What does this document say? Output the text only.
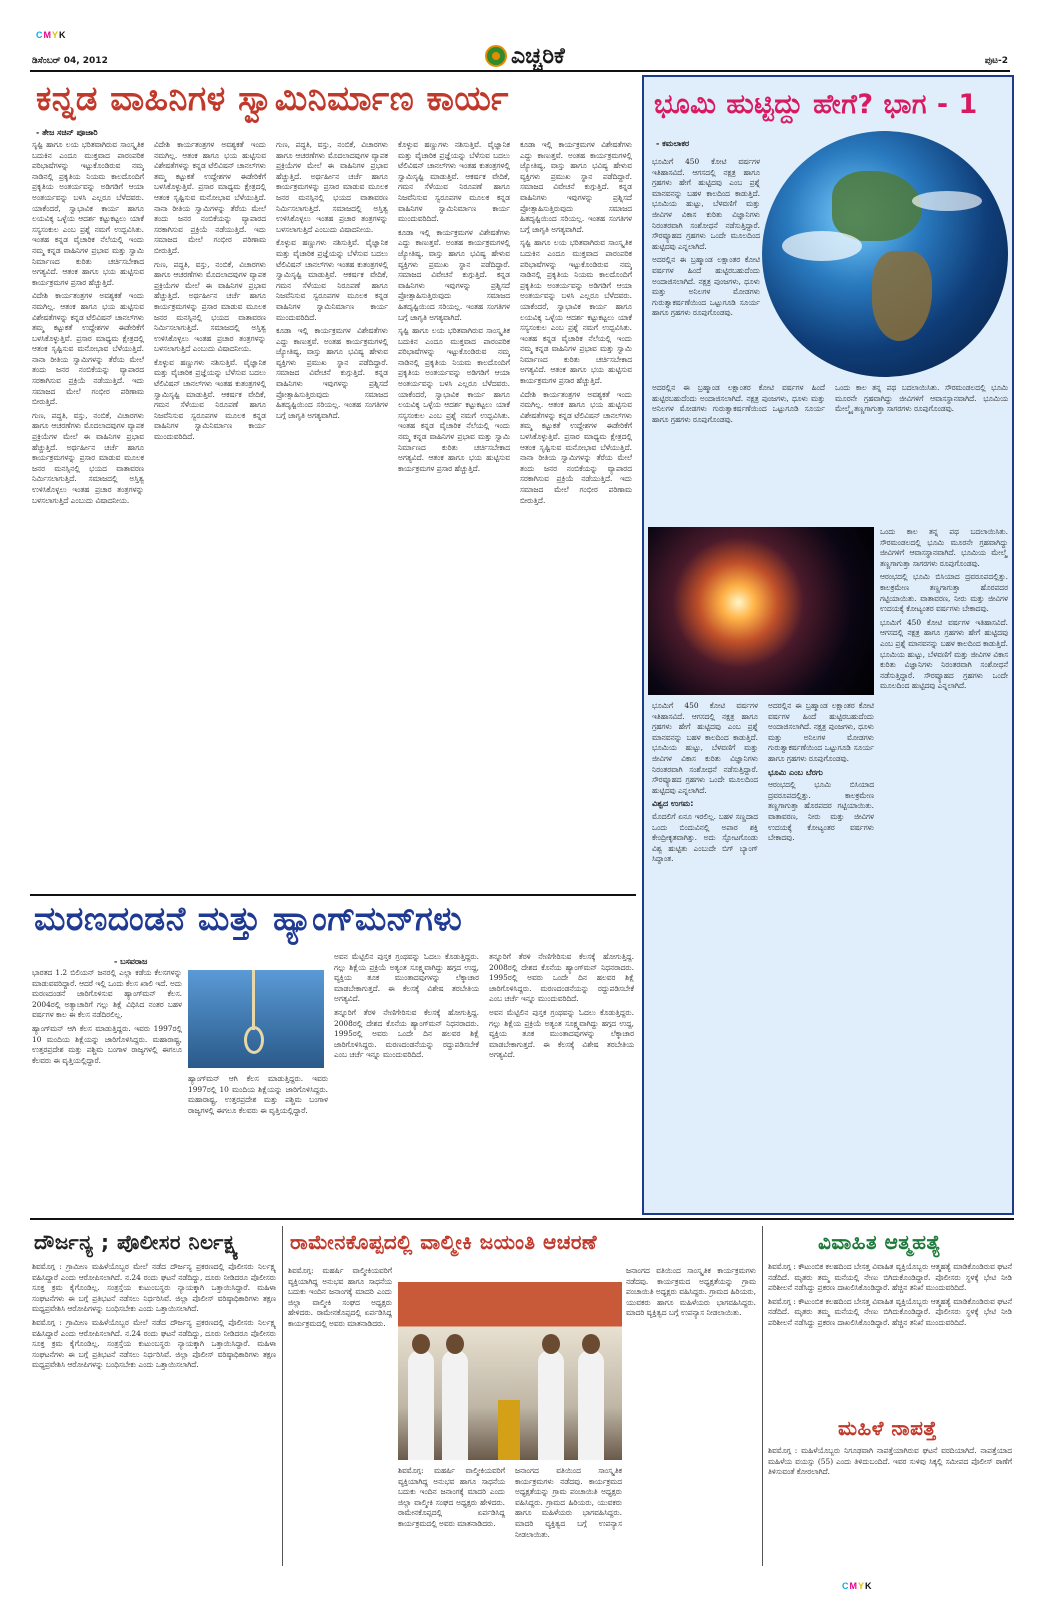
CMYK
ಡಿಸೆಂಬರ್ 04, 2012	ಎಚ್ಚರಿಕೆ	ಪುಟ-2
ಕನ್ನಡ ವಾಹಿನಿಗಳ ಸ್ವಾಮಿನಿರ್ಮಾಣ ಕಾರ್ಯ
- ತೇಜ ಸಚಿನ್ ಪೂಜಾರಿ

ಸೃಷ್ಟಿ ಹಾಗೂ ಲಯ ಭರಿತವಾಗಿರುವ ಸಾಂಸ್ಕೃತಿಕ ಬದುಕಿನ ಎಂದೂ ಮುಕ್ತವಾದ ಪಾರಂಪರಿಕ ಪರಿಭಾಷೆಗಳನ್ನು ಇಟ್ಟುಕೊಂಡಿರುವ ನಮ್ಮ ನಾಡಿನಲ್ಲಿ ಪ್ರಕೃತಿಯ ನಿಯಮ ಕಾಲದೊಂದಿಗೆ ಪ್ರಕೃತಿಯ ಅಂತರ್ಯವನ್ನು ಅಡಿಗಡಿಗೆ ಆಯಾ ಅಂತರ್ಯವನ್ನು ಬಳಸಿ ಎಲ್ಲರೂ ಬೆಳೆದವರು. ಯಾಕೆಂದರೆ, ಸ್ವಾಭಾವಿಕ ಕಾರ್ಯ ಹಾಗೂ ಲಯವಿಕ್ಕ ಒಳ್ಳೆಯ ಆದರ್ಶ ಕಟ್ಟುಕಟ್ಟಲು ಯಾಕೆ ಸಸ್ಯಸಂಕುಲ ಎಂಬ ಪ್ರಶ್ನೆ ನಮಗೆ ಉದ್ಭವಿಸಿತು. ಇಂತಹ ಕನ್ನಡ ವೈಚಾರಿಕ ನೆಲೆಯಲ್ಲಿ ಇಂದು ನಮ್ಮ ಕನ್ನಡ ವಾಹಿನಿಗಳ ಪ್ರಭಾವ ಮತ್ತು ಸ್ವಾಮಿ ನಿರ್ಮಾಣದ ಕುರಿತು ಚರ್ಚಿಸಬೇಕಾದ ಅಗತ್ಯವಿದೆ. ಆತಂಕ ಹಾಗೂ ಭಯ ಹುಟ್ಟಿಸುವ ಕಾರ್ಯಕ್ರಮಗಳ ಪ್ರಸಾರ ಹೆಚ್ಚುತ್ತಿದೆ.

ವಿದೇಶಿ ಕಾರ್ಯತಂತ್ರಗಳ ಅವಶ್ಯಕತೆ ಇಂದು ನಮಗಿಲ್ಲ. ಆತಂಕ ಹಾಗೂ ಭಯ ಹುಟ್ಟಿಸುವ ವಿಶೇಷತೆಗಳನ್ನು ಕನ್ನಡ ಟೆಲಿವಿಷನ್ ಚಾನಲ್‍ಗಳು ತಮ್ಮ ಕಟ್ಟುಕತೆ ಉದ್ದೇಶಗಳ ಈಡೇರಿಕೆಗೆ ಬಳಸಿಕೊಳ್ಳುತ್ತಿವೆ. ಪ್ರಸಾರ ಮಾಧ್ಯಮ ಕ್ಷೇತ್ರದಲ್ಲಿ ಆತಂಕ ಸೃಷ್ಟಿಸುವ ಮನೋಭಾವ ಬೆಳೆಯುತ್ತಿದೆ. ನಾನಾ ರೀತಿಯ ಸ್ವಾಮಿಗಳನ್ನು ತೆರೆಯ ಮೇಲೆ ತಂದು ಜನರ ನಂಬಿಕೆಯನ್ನು ವ್ಯಾಪಾರದ ಸರಕಾಗಿಸುವ ಪ್ರಕ್ರಿಯೆ ನಡೆಯುತ್ತಿದೆ. ಇದು ಸಮಾಜದ ಮೇಲೆ ಗಂಭೀರ ಪರಿಣಾಮ ಬೀರುತ್ತಿದೆ.

ಗುಣ, ಪದ್ಧತಿ, ವಸ್ತು, ನಂಬಿಕೆ, ವಿಚಾರಗಳು ಹಾಗೂ ಆಚರಣೆಗಳು ಮೊದಲಾದವುಗಳ ವ್ಯಾಪಕ ಪ್ರಕ್ರಿಯೆಗಳ ಮೇಲೆ ಈ ವಾಹಿನಿಗಳ ಪ್ರಭಾವ ಹೆಚ್ಚುತ್ತಿದೆ. ಅರ್ಥರ್ಹೀನ ಚರ್ಚೆ ಹಾಗೂ ಕಾರ್ಯಕ್ರಮಗಳನ್ನು ಪ್ರಸಾರ ಮಾಡುವ ಮೂಲಕ ಜನರ ಮನಸ್ಸಿನಲ್ಲಿ ಭಯದ ವಾತಾವರಣ ನಿರ್ಮಿಸಲಾಗುತ್ತಿದೆ. ಸಮಾಜದಲ್ಲಿ ಅಸ್ತಿತ್ವ ಉಳಿಸಿಕೊಳ್ಳಲು ಇಂತಹ ಪ್ರಚಾರ ತಂತ್ರಗಳನ್ನು ಬಳಸಲಾಗುತ್ತಿದೆ ಎಂಬುದು ವಿಷಾದನೀಯ.

ವಿದೇಶಿ ಕಾರ್ಯತಂತ್ರಗಳ ಅವಶ್ಯಕತೆ ಇಂದು ನಮಗಿಲ್ಲ. ಆತಂಕ ಹಾಗೂ ಭಯ ಹುಟ್ಟಿಸುವ ವಿಶೇಷತೆಗಳನ್ನು ಕನ್ನಡ ಟೆಲಿವಿಷನ್ ಚಾನಲ್‍ಗಳು ತಮ್ಮ ಕಟ್ಟುಕತೆ ಉದ್ದೇಶಗಳ ಈಡೇರಿಕೆಗೆ ಬಳಸಿಕೊಳ್ಳುತ್ತಿವೆ. ಪ್ರಸಾರ ಮಾಧ್ಯಮ ಕ್ಷೇತ್ರದಲ್ಲಿ ಆತಂಕ ಸೃಷ್ಟಿಸುವ ಮನೋಭಾವ ಬೆಳೆಯುತ್ತಿದೆ. ನಾನಾ ರೀತಿಯ ಸ್ವಾಮಿಗಳನ್ನು ತೆರೆಯ ಮೇಲೆ ತಂದು ಜನರ ನಂಬಿಕೆಯನ್ನು ವ್ಯಾಪಾರದ ಸರಕಾಗಿಸುವ ಪ್ರಕ್ರಿಯೆ ನಡೆಯುತ್ತಿದೆ. ಇದು ಸಮಾಜದ ಮೇಲೆ ಗಂಭೀರ ಪರಿಣಾಮ ಬೀರುತ್ತಿದೆ.

ಗುಣ, ಪದ್ಧತಿ, ವಸ್ತು, ನಂಬಿಕೆ, ವಿಚಾರಗಳು ಹಾಗೂ ಆಚರಣೆಗಳು ಮೊದಲಾದವುಗಳ ವ್ಯಾಪಕ ಪ್ರಕ್ರಿಯೆಗಳ ಮೇಲೆ ಈ ವಾಹಿನಿಗಳ ಪ್ರಭಾವ ಹೆಚ್ಚುತ್ತಿದೆ. ಅರ್ಥರ್ಹೀನ ಚರ್ಚೆ ಹಾಗೂ ಕಾರ್ಯಕ್ರಮಗಳನ್ನು ಪ್ರಸಾರ ಮಾಡುವ ಮೂಲಕ ಜನರ ಮನಸ್ಸಿನಲ್ಲಿ ಭಯದ ವಾತಾವರಣ ನಿರ್ಮಿಸಲಾಗುತ್ತಿದೆ. ಸಮಾಜದಲ್ಲಿ ಅಸ್ತಿತ್ವ ಉಳಿಸಿಕೊಳ್ಳಲು ಇಂತಹ ಪ್ರಚಾರ ತಂತ್ರಗಳನ್ನು ಬಳಸಲಾಗುತ್ತಿದೆ ಎಂಬುದು ವಿಷಾದನೀಯ.

ಕೊಳ್ಳುವ ಹಣ್ಣುಗಳು ನಶಿಸುತ್ತಿವೆ. ವೈಜ್ಞಾನಿಕ ಮತ್ತು ವೈಚಾರಿಕ ಪ್ರಜ್ಞೆಯನ್ನು ಬೆಳೆಸುವ ಬದಲು ಟೆಲಿವಿಷನ್ ಚಾನಲ್‍ಗಳು ಇಂತಹ ಕುತಂತ್ರಗಳಲ್ಲಿ ಸ್ವಾಮಿಸೃಷ್ಟಿ ಮಾಡುತ್ತಿವೆ. ಆಕರ್ಷಕ ವೇದಿಕೆ, ಗಮನ ಸೆಳೆಯುವ ನಿರೂಪಣೆ ಹಾಗೂ ನಿಜವೆನಿಸುವ ಸ್ವರೂಪಗಳ ಮೂಲಕ ಕನ್ನಡ ವಾಹಿನಿಗಳ ಸ್ವಾಮಿನಿರ್ಮಾಣ ಕಾರ್ಯ ಮುಂದುವರಿದಿದೆ.

ಗುಣ, ಪದ್ಧತಿ, ವಸ್ತು, ನಂಬಿಕೆ, ವಿಚಾರಗಳು ಹಾಗೂ ಆಚರಣೆಗಳು ಮೊದಲಾದವುಗಳ ವ್ಯಾಪಕ ಪ್ರಕ್ರಿಯೆಗಳ ಮೇಲೆ ಈ ವಾಹಿನಿಗಳ ಪ್ರಭಾವ ಹೆಚ್ಚುತ್ತಿದೆ. ಅರ್ಥರ್ಹೀನ ಚರ್ಚೆ ಹಾಗೂ ಕಾರ್ಯಕ್ರಮಗಳನ್ನು ಪ್ರಸಾರ ಮಾಡುವ ಮೂಲಕ ಜನರ ಮನಸ್ಸಿನಲ್ಲಿ ಭಯದ ವಾತಾವರಣ ನಿರ್ಮಿಸಲಾಗುತ್ತಿದೆ. ಸಮಾಜದಲ್ಲಿ ಅಸ್ತಿತ್ವ ಉಳಿಸಿಕೊಳ್ಳಲು ಇಂತಹ ಪ್ರಚಾರ ತಂತ್ರಗಳನ್ನು ಬಳಸಲಾಗುತ್ತಿದೆ ಎಂಬುದು ವಿಷಾದನೀಯ.

ಕೊಳ್ಳುವ ಹಣ್ಣುಗಳು ನಶಿಸುತ್ತಿವೆ. ವೈಜ್ಞಾನಿಕ ಮತ್ತು ವೈಚಾರಿಕ ಪ್ರಜ್ಞೆಯನ್ನು ಬೆಳೆಸುವ ಬದಲು ಟೆಲಿವಿಷನ್ ಚಾನಲ್‍ಗಳು ಇಂತಹ ಕುತಂತ್ರಗಳಲ್ಲಿ ಸ್ವಾಮಿಸೃಷ್ಟಿ ಮಾಡುತ್ತಿವೆ. ಆಕರ್ಷಕ ವೇದಿಕೆ, ಗಮನ ಸೆಳೆಯುವ ನಿರೂಪಣೆ ಹಾಗೂ ನಿಜವೆನಿಸುವ ಸ್ವರೂಪಗಳ ಮೂಲಕ ಕನ್ನಡ ವಾಹಿನಿಗಳ ಸ್ವಾಮಿನಿರ್ಮಾಣ ಕಾರ್ಯ ಮುಂದುವರಿದಿದೆ.

ಕೂಡಾ ಇಲ್ಲಿ ಕಾರ್ಯಕ್ರಮಗಳ ವಿಶೇಷತೆಗಳು ಎದ್ದು ಕಾಣುತ್ತವೆ. ಅಂತಹ ಕಾರ್ಯಕ್ರಮಗಳಲ್ಲಿ ಜ್ಯೋತಿಷ್ಯ, ವಾಸ್ತು ಹಾಗೂ ಭವಿಷ್ಯ ಹೇಳುವ ವ್ಯಕ್ತಿಗಳು ಪ್ರಮುಖ ಸ್ಥಾನ ಪಡೆದಿದ್ದಾರೆ. ಸಮಾಜದ ವಿವೇಚನೆ ಕುಗ್ಗುತ್ತಿದೆ. ಕನ್ನಡ ವಾಹಿನಿಗಳು ಇವುಗಳನ್ನು ಪ್ರಶ್ನಿಸದೆ ಪ್ರೋತ್ಸಾಹಿಸುತ್ತಿರುವುದು ಸಮಾಜದ ಹಿತದೃಷ್ಟಿಯಿಂದ ಸರಿಯಲ್ಲ. ಇಂತಹ ಸಂಗತಿಗಳ ಬಗ್ಗೆ ಜಾಗೃತಿ ಅಗತ್ಯವಾಗಿದೆ.

ಕೊಳ್ಳುವ ಹಣ್ಣುಗಳು ನಶಿಸುತ್ತಿವೆ. ವೈಜ್ಞಾನಿಕ ಮತ್ತು ವೈಚಾರಿಕ ಪ್ರಜ್ಞೆಯನ್ನು ಬೆಳೆಸುವ ಬದಲು ಟೆಲಿವಿಷನ್ ಚಾನಲ್‍ಗಳು ಇಂತಹ ಕುತಂತ್ರಗಳಲ್ಲಿ ಸ್ವಾಮಿಸೃಷ್ಟಿ ಮಾಡುತ್ತಿವೆ. ಆಕರ್ಷಕ ವೇದಿಕೆ, ಗಮನ ಸೆಳೆಯುವ ನಿರೂಪಣೆ ಹಾಗೂ ನಿಜವೆನಿಸುವ ಸ್ವರೂಪಗಳ ಮೂಲಕ ಕನ್ನಡ ವಾಹಿನಿಗಳ ಸ್ವಾಮಿನಿರ್ಮಾಣ ಕಾರ್ಯ ಮುಂದುವರಿದಿದೆ.

ಕೂಡಾ ಇಲ್ಲಿ ಕಾರ್ಯಕ್ರಮಗಳ ವಿಶೇಷತೆಗಳು ಎದ್ದು ಕಾಣುತ್ತವೆ. ಅಂತಹ ಕಾರ್ಯಕ್ರಮಗಳಲ್ಲಿ ಜ್ಯೋತಿಷ್ಯ, ವಾಸ್ತು ಹಾಗೂ ಭವಿಷ್ಯ ಹೇಳುವ ವ್ಯಕ್ತಿಗಳು ಪ್ರಮುಖ ಸ್ಥಾನ ಪಡೆದಿದ್ದಾರೆ. ಸಮಾಜದ ವಿವೇಚನೆ ಕುಗ್ಗುತ್ತಿದೆ. ಕನ್ನಡ ವಾಹಿನಿಗಳು ಇವುಗಳನ್ನು ಪ್ರಶ್ನಿಸದೆ ಪ್ರೋತ್ಸಾಹಿಸುತ್ತಿರುವುದು ಸಮಾಜದ ಹಿತದೃಷ್ಟಿಯಿಂದ ಸರಿಯಲ್ಲ. ಇಂತಹ ಸಂಗತಿಗಳ ಬಗ್ಗೆ ಜಾಗೃತಿ ಅಗತ್ಯವಾಗಿದೆ.

ಸೃಷ್ಟಿ ಹಾಗೂ ಲಯ ಭರಿತವಾಗಿರುವ ಸಾಂಸ್ಕೃತಿಕ ಬದುಕಿನ ಎಂದೂ ಮುಕ್ತವಾದ ಪಾರಂಪರಿಕ ಪರಿಭಾಷೆಗಳನ್ನು ಇಟ್ಟುಕೊಂಡಿರುವ ನಮ್ಮ ನಾಡಿನಲ್ಲಿ ಪ್ರಕೃತಿಯ ನಿಯಮ ಕಾಲದೊಂದಿಗೆ ಪ್ರಕೃತಿಯ ಅಂತರ್ಯವನ್ನು ಅಡಿಗಡಿಗೆ ಆಯಾ ಅಂತರ್ಯವನ್ನು ಬಳಸಿ ಎಲ್ಲರೂ ಬೆಳೆದವರು. ಯಾಕೆಂದರೆ, ಸ್ವಾಭಾವಿಕ ಕಾರ್ಯ ಹಾಗೂ ಲಯವಿಕ್ಕ ಒಳ್ಳೆಯ ಆದರ್ಶ ಕಟ್ಟುಕಟ್ಟಲು ಯಾಕೆ ಸಸ್ಯಸಂಕುಲ ಎಂಬ ಪ್ರಶ್ನೆ ನಮಗೆ ಉದ್ಭವಿಸಿತು. ಇಂತಹ ಕನ್ನಡ ವೈಚಾರಿಕ ನೆಲೆಯಲ್ಲಿ ಇಂದು ನಮ್ಮ ಕನ್ನಡ ವಾಹಿನಿಗಳ ಪ್ರಭಾವ ಮತ್ತು ಸ್ವಾಮಿ ನಿರ್ಮಾಣದ ಕುರಿತು ಚರ್ಚಿಸಬೇಕಾದ ಅಗತ್ಯವಿದೆ. ಆತಂಕ ಹಾಗೂ ಭಯ ಹುಟ್ಟಿಸುವ ಕಾರ್ಯಕ್ರಮಗಳ ಪ್ರಸಾರ ಹೆಚ್ಚುತ್ತಿದೆ.

ಕೂಡಾ ಇಲ್ಲಿ ಕಾರ್ಯಕ್ರಮಗಳ ವಿಶೇಷತೆಗಳು ಎದ್ದು ಕಾಣುತ್ತವೆ. ಅಂತಹ ಕಾರ್ಯಕ್ರಮಗಳಲ್ಲಿ ಜ್ಯೋತಿಷ್ಯ, ವಾಸ್ತು ಹಾಗೂ ಭವಿಷ್ಯ ಹೇಳುವ ವ್ಯಕ್ತಿಗಳು ಪ್ರಮುಖ ಸ್ಥಾನ ಪಡೆದಿದ್ದಾರೆ. ಸಮಾಜದ ವಿವೇಚನೆ ಕುಗ್ಗುತ್ತಿದೆ. ಕನ್ನಡ ವಾಹಿನಿಗಳು ಇವುಗಳನ್ನು ಪ್ರಶ್ನಿಸದೆ ಪ್ರೋತ್ಸಾಹಿಸುತ್ತಿರುವುದು ಸಮಾಜದ ಹಿತದೃಷ್ಟಿಯಿಂದ ಸರಿಯಲ್ಲ. ಇಂತಹ ಸಂಗತಿಗಳ ಬಗ್ಗೆ ಜಾಗೃತಿ ಅಗತ್ಯವಾಗಿದೆ.

ಸೃಷ್ಟಿ ಹಾಗೂ ಲಯ ಭರಿತವಾಗಿರುವ ಸಾಂಸ್ಕೃತಿಕ ಬದುಕಿನ ಎಂದೂ ಮುಕ್ತವಾದ ಪಾರಂಪರಿಕ ಪರಿಭಾಷೆಗಳನ್ನು ಇಟ್ಟುಕೊಂಡಿರುವ ನಮ್ಮ ನಾಡಿನಲ್ಲಿ ಪ್ರಕೃತಿಯ ನಿಯಮ ಕಾಲದೊಂದಿಗೆ ಪ್ರಕೃತಿಯ ಅಂತರ್ಯವನ್ನು ಅಡಿಗಡಿಗೆ ಆಯಾ ಅಂತರ್ಯವನ್ನು ಬಳಸಿ ಎಲ್ಲರೂ ಬೆಳೆದವರು. ಯಾಕೆಂದರೆ, ಸ್ವಾಭಾವಿಕ ಕಾರ್ಯ ಹಾಗೂ ಲಯವಿಕ್ಕ ಒಳ್ಳೆಯ ಆದರ್ಶ ಕಟ್ಟುಕಟ್ಟಲು ಯಾಕೆ ಸಸ್ಯಸಂಕುಲ ಎಂಬ ಪ್ರಶ್ನೆ ನಮಗೆ ಉದ್ಭವಿಸಿತು. ಇಂತಹ ಕನ್ನಡ ವೈಚಾರಿಕ ನೆಲೆಯಲ್ಲಿ ಇಂದು ನಮ್ಮ ಕನ್ನಡ ವಾಹಿನಿಗಳ ಪ್ರಭಾವ ಮತ್ತು ಸ್ವಾಮಿ ನಿರ್ಮಾಣದ ಕುರಿತು ಚರ್ಚಿಸಬೇಕಾದ ಅಗತ್ಯವಿದೆ. ಆತಂಕ ಹಾಗೂ ಭಯ ಹುಟ್ಟಿಸುವ ಕಾರ್ಯಕ್ರಮಗಳ ಪ್ರಸಾರ ಹೆಚ್ಚುತ್ತಿದೆ.

ವಿದೇಶಿ ಕಾರ್ಯತಂತ್ರಗಳ ಅವಶ್ಯಕತೆ ಇಂದು ನಮಗಿಲ್ಲ. ಆತಂಕ ಹಾಗೂ ಭಯ ಹುಟ್ಟಿಸುವ ವಿಶೇಷತೆಗಳನ್ನು ಕನ್ನಡ ಟೆಲಿವಿಷನ್ ಚಾನಲ್‍ಗಳು ತಮ್ಮ ಕಟ್ಟುಕತೆ ಉದ್ದೇಶಗಳ ಈಡೇರಿಕೆಗೆ ಬಳಸಿಕೊಳ್ಳುತ್ತಿವೆ. ಪ್ರಸಾರ ಮಾಧ್ಯಮ ಕ್ಷೇತ್ರದಲ್ಲಿ ಆತಂಕ ಸೃಷ್ಟಿಸುವ ಮನೋಭಾವ ಬೆಳೆಯುತ್ತಿದೆ. ನಾನಾ ರೀತಿಯ ಸ್ವಾಮಿಗಳನ್ನು ತೆರೆಯ ಮೇಲೆ ತಂದು ಜನರ ನಂಬಿಕೆಯನ್ನು ವ್ಯಾಪಾರದ ಸರಕಾಗಿಸುವ ಪ್ರಕ್ರಿಯೆ ನಡೆಯುತ್ತಿದೆ. ಇದು ಸಮಾಜದ ಮೇಲೆ ಗಂಭೀರ ಪರಿಣಾಮ ಬೀರುತ್ತಿದೆ.

ಮರಣದಂಡನೆ ಮತ್ತು ಹ್ಯಾಂಗ್‍ಮನ್‍ಗಳು
- ಬಸವರಾಜ

ಭಾರತದ 1.2 ಬಿಲಿಯನ್ ಜನರಲ್ಲಿ ಎಲ್ಲಾ ಕಡೆಯ ಕೆಲಸಗಳನ್ನು ಮಾಡುವವರಿದ್ದಾರೆ. ಆದರೆ ಇಲ್ಲಿ ಒಂದು ಕೆಲಸ ಖಾಲಿ ಇದೆ. ಅದು ಮರಣದಂಡನೆ ಜಾರಿಗೊಳಿಸುವ ಹ್ಯಾಂಗ್‍ಮನ್ ಕೆಲಸ. 2004ರಲ್ಲಿ ಅತ್ಯಾಚಾರಿಗೆ ಗಲ್ಲು ಶಿಕ್ಷೆ ವಿಧಿಸಿದ ನಂತರ ಬಹಳ ವರ್ಷಗಳ ಕಾಲ ಈ ಕೆಲಸ ನಡೆದಿರಲಿಲ್ಲ.

ಹ್ಯಾಂಗ್‍ಮನ್ ಆಗಿ ಕೆಲಸ ಮಾಡುತ್ತಿದ್ದರು. ಇವರು 1997ರಲ್ಲಿ 10 ಮಂದಿಯ ಶಿಕ್ಷೆಯನ್ನು ಜಾರಿಗೊಳಿಸಿದ್ದರು. ಮಹಾರಾಷ್ಟ್ರ, ಉತ್ತರಪ್ರದೇಶ ಮತ್ತು ಪಶ್ಚಿಮ ಬಂಗಾಳ ರಾಜ್ಯಗಳಲ್ಲಿ ಈಗಲೂ ಕೆಲವರು ಈ ವೃತ್ತಿಯಲ್ಲಿದ್ದಾರೆ.

ಹ್ಯಾಂಗ್‍ಮನ್ ಆಗಿ ಕೆಲಸ ಮಾಡುತ್ತಿದ್ದರು. ಇವರು 1997ರಲ್ಲಿ 10 ಮಂದಿಯ ಶಿಕ್ಷೆಯನ್ನು ಜಾರಿಗೊಳಿಸಿದ್ದರು. ಮಹಾರಾಷ್ಟ್ರ, ಉತ್ತರಪ್ರದೇಶ ಮತ್ತು ಪಶ್ಚಿಮ ಬಂಗಾಳ ರಾಜ್ಯಗಳಲ್ಲಿ ಈಗಲೂ ಕೆಲವರು ಈ ವೃತ್ತಿಯಲ್ಲಿದ್ದಾರೆ.

ಅವನ ಮೆಟ್ಟಿಲಿನ ಪುಸ್ತಕ ಗ್ರಂಥವನ್ನು ಓದಲು ಕೊಡುತ್ತಿದ್ದರು. ಗಲ್ಲು ಶಿಕ್ಷೆಯ ಪ್ರಕ್ರಿಯೆ ಅತ್ಯಂತ ಸೂಕ್ಷ್ಮವಾಗಿದ್ದು ಹಗ್ಗದ ಉದ್ದ, ವ್ಯಕ್ತಿಯ ತೂಕ ಮುಂತಾದವುಗಳನ್ನು ಲೆಕ್ಕಾಚಾರ ಮಾಡಬೇಕಾಗುತ್ತದೆ. ಈ ಕೆಲಸಕ್ಕೆ ವಿಶೇಷ ತರಬೇತಿಯ ಅಗತ್ಯವಿದೆ.

ತನ್ನೂರಿಗೆ ತೆರಳಿ ನೇಣಿಗೇರಿಸುವ ಕೆಲಸಕ್ಕೆ ಹೋಗುತ್ತಿದ್ದ. 2008ರಲ್ಲಿ ದೇಶದ ಕೊನೆಯ ಹ್ಯಾಂಗ್‍ಮನ್ ನಿಧನರಾದರು. 1995ರಲ್ಲಿ ಅವರು ಒಂದೇ ದಿನ ಹಲವರ ಶಿಕ್ಷೆ ಜಾರಿಗೊಳಿಸಿದ್ದರು. ಮರಣದಂಡನೆಯನ್ನು ರದ್ದುಪಡಿಸಬೇಕೆ ಎಂಬ ಚರ್ಚೆ ಇನ್ನೂ ಮುಂದುವರಿದಿದೆ.

ತನ್ನೂರಿಗೆ ತೆರಳಿ ನೇಣಿಗೇರಿಸುವ ಕೆಲಸಕ್ಕೆ ಹೋಗುತ್ತಿದ್ದ. 2008ರಲ್ಲಿ ದೇಶದ ಕೊನೆಯ ಹ್ಯಾಂಗ್‍ಮನ್ ನಿಧನರಾದರು. 1995ರಲ್ಲಿ ಅವರು ಒಂದೇ ದಿನ ಹಲವರ ಶಿಕ್ಷೆ ಜಾರಿಗೊಳಿಸಿದ್ದರು. ಮರಣದಂಡನೆಯನ್ನು ರದ್ದುಪಡಿಸಬೇಕೆ ಎಂಬ ಚರ್ಚೆ ಇನ್ನೂ ಮುಂದುವರಿದಿದೆ.

ಅವನ ಮೆಟ್ಟಿಲಿನ ಪುಸ್ತಕ ಗ್ರಂಥವನ್ನು ಓದಲು ಕೊಡುತ್ತಿದ್ದರು. ಗಲ್ಲು ಶಿಕ್ಷೆಯ ಪ್ರಕ್ರಿಯೆ ಅತ್ಯಂತ ಸೂಕ್ಷ್ಮವಾಗಿದ್ದು ಹಗ್ಗದ ಉದ್ದ, ವ್ಯಕ್ತಿಯ ತೂಕ ಮುಂತಾದವುಗಳನ್ನು ಲೆಕ್ಕಾಚಾರ ಮಾಡಬೇಕಾಗುತ್ತದೆ. ಈ ಕೆಲಸಕ್ಕೆ ವಿಶೇಷ ತರಬೇತಿಯ ಅಗತ್ಯವಿದೆ.

ಭೂಮಿ ಹುಟ್ಟಿದ್ದು ಹೇಗೆ? ಭಾಗ - 1
- ಕಮಲಾಕರ

ಭೂಮಿಗೆ 450 ಕೋಟಿ ವರ್ಷಗಳ ಇತಿಹಾಸವಿದೆ. ಆಗಸದಲ್ಲಿ ನಕ್ಷತ್ರ ಹಾಗೂ ಗ್ರಹಗಳು ಹೇಗೆ ಹುಟ್ಟಿದವು ಎಂಬ ಪ್ರಶ್ನೆ ಮಾನವನನ್ನು ಬಹಳ ಕಾಲದಿಂದ ಕಾಡುತ್ತಿದೆ. ಭೂಮಿಯ ಹುಟ್ಟು, ಬೆಳವಣಿಗೆ ಮತ್ತು ಜೀವಿಗಳ ವಿಕಾಸ ಕುರಿತು ವಿಜ್ಞಾನಿಗಳು ನಿರಂತರವಾಗಿ ಸಂಶೋಧನೆ ನಡೆಸುತ್ತಿದ್ದಾರೆ. ಸೌರವ್ಯೂಹದ ಗ್ರಹಗಳು ಒಂದೇ ಮೂಲದಿಂದ ಹುಟ್ಟಿದವು ಎನ್ನಲಾಗಿದೆ.

ಅದರಲ್ಲಿನ ಈ ಬ್ರಹ್ಮಾಂಡ ಲಕ್ಷಾಂತರ ಕೋಟಿ ವರ್ಷಗಳ ಹಿಂದೆ ಹುಟ್ಟಿರಬಹುದೆಂದು ಅಂದಾಜಿಸಲಾಗಿದೆ. ನಕ್ಷತ್ರ ಪುಂಜಗಳು, ಧೂಳು ಮತ್ತು ಅನಿಲಗಳ ಮೋಡಗಳು ಗುರುತ್ವಾಕರ್ಷಣೆಯಿಂದ ಒಟ್ಟುಗೂಡಿ ಸೂರ್ಯ ಹಾಗೂ ಗ್ರಹಗಳು ರೂಪುಗೊಂಡವು.

ಅದರಲ್ಲಿನ ಈ ಬ್ರಹ್ಮಾಂಡ ಲಕ್ಷಾಂತರ ಕೋಟಿ ವರ್ಷಗಳ ಹಿಂದೆ ಹುಟ್ಟಿರಬಹುದೆಂದು ಅಂದಾಜಿಸಲಾಗಿದೆ. ನಕ್ಷತ್ರ ಪುಂಜಗಳು, ಧೂಳು ಮತ್ತು ಅನಿಲಗಳ ಮೋಡಗಳು ಗುರುತ್ವಾಕರ್ಷಣೆಯಿಂದ ಒಟ್ಟುಗೂಡಿ ಸೂರ್ಯ ಹಾಗೂ ಗ್ರಹಗಳು ರೂಪುಗೊಂಡವು.

ಒಂದು ಕಾಲ ತನ್ನ ಪಥ ಬದಲಾಯಿಸಿತು. ಸೌರಮಂಡಲದಲ್ಲಿ ಭೂಮಿ ಮೂರನೇ ಗ್ರಹವಾಗಿದ್ದು ಜೀವಿಗಳಿಗೆ ಆವಾಸಸ್ಥಾನವಾಗಿದೆ. ಭೂಮಿಯ ಮೇಲ್ಮೈ ತಣ್ಣಗಾಗುತ್ತಾ ಸಾಗರಗಳು ರೂಪುಗೊಂಡವು.

ಒಂದು ಕಾಲ ತನ್ನ ಪಥ ಬದಲಾಯಿಸಿತು. ಸೌರಮಂಡಲದಲ್ಲಿ ಭೂಮಿ ಮೂರನೇ ಗ್ರಹವಾಗಿದ್ದು ಜೀವಿಗಳಿಗೆ ಆವಾಸಸ್ಥಾನವಾಗಿದೆ. ಭೂಮಿಯ ಮೇಲ್ಮೈ ತಣ್ಣಗಾಗುತ್ತಾ ಸಾಗರಗಳು ರೂಪುಗೊಂಡವು.

ಆರಂಭದಲ್ಲಿ ಭೂಮಿ ಬಿಸಿಯಾದ ದ್ರವರೂಪದಲ್ಲಿತ್ತು. ಕಾಲಕ್ರಮೇಣ ತಣ್ಣಗಾಗುತ್ತಾ ಹೊರಪದರ ಗಟ್ಟಿಯಾಯಿತು. ವಾತಾವರಣ, ನೀರು ಮತ್ತು ಜೀವಿಗಳ ಉದಯಕ್ಕೆ ಕೋಟ್ಯಂತರ ವರ್ಷಗಳು ಬೇಕಾದವು.

ಭೂಮಿಗೆ 450 ಕೋಟಿ ವರ್ಷಗಳ ಇತಿಹಾಸವಿದೆ. ಆಗಸದಲ್ಲಿ ನಕ್ಷತ್ರ ಹಾಗೂ ಗ್ರಹಗಳು ಹೇಗೆ ಹುಟ್ಟಿದವು ಎಂಬ ಪ್ರಶ್ನೆ ಮಾನವನನ್ನು ಬಹಳ ಕಾಲದಿಂದ ಕಾಡುತ್ತಿದೆ. ಭೂಮಿಯ ಹುಟ್ಟು, ಬೆಳವಣಿಗೆ ಮತ್ತು ಜೀವಿಗಳ ವಿಕಾಸ ಕುರಿತು ವಿಜ್ಞಾನಿಗಳು ನಿರಂತರವಾಗಿ ಸಂಶೋಧನೆ ನಡೆಸುತ್ತಿದ್ದಾರೆ. ಸೌರವ್ಯೂಹದ ಗ್ರಹಗಳು ಒಂದೇ ಮೂಲದಿಂದ ಹುಟ್ಟಿದವು ಎನ್ನಲಾಗಿದೆ.

ಭೂಮಿಗೆ 450 ಕೋಟಿ ವರ್ಷಗಳ ಇತಿಹಾಸವಿದೆ. ಆಗಸದಲ್ಲಿ ನಕ್ಷತ್ರ ಹಾಗೂ ಗ್ರಹಗಳು ಹೇಗೆ ಹುಟ್ಟಿದವು ಎಂಬ ಪ್ರಶ್ನೆ ಮಾನವನನ್ನು ಬಹಳ ಕಾಲದಿಂದ ಕಾಡುತ್ತಿದೆ. ಭೂಮಿಯ ಹುಟ್ಟು, ಬೆಳವಣಿಗೆ ಮತ್ತು ಜೀವಿಗಳ ವಿಕಾಸ ಕುರಿತು ವಿಜ್ಞಾನಿಗಳು ನಿರಂತರವಾಗಿ ಸಂಶೋಧನೆ ನಡೆಸುತ್ತಿದ್ದಾರೆ. ಸೌರವ್ಯೂಹದ ಗ್ರಹಗಳು ಒಂದೇ ಮೂಲದಿಂದ ಹುಟ್ಟಿದವು ಎನ್ನಲಾಗಿದೆ.

ವಿಶ್ವದ ಉಗಮ:

ಮೊದಲಿಗೆ ಏನೂ ಇರಲಿಲ್ಲ. ಬಹಳ ಸಣ್ಣದಾದ ಒಂದು ಬಿಂದುವಿನಲ್ಲಿ ಅಪಾರ ಶಕ್ತಿ ಕೇಂದ್ರೀಕೃತವಾಗಿತ್ತು. ಅದು ಸ್ಫೋಟಗೊಂಡು ವಿಶ್ವ ಹುಟ್ಟಿತು ಎಂಬುದೇ ಬಿಗ್ ಬ್ಯಾಂಗ್ ಸಿದ್ಧಾಂತ.

ಅದರಲ್ಲಿನ ಈ ಬ್ರಹ್ಮಾಂಡ ಲಕ್ಷಾಂತರ ಕೋಟಿ ವರ್ಷಗಳ ಹಿಂದೆ ಹುಟ್ಟಿರಬಹುದೆಂದು ಅಂದಾಜಿಸಲಾಗಿದೆ. ನಕ್ಷತ್ರ ಪುಂಜಗಳು, ಧೂಳು ಮತ್ತು ಅನಿಲಗಳ ಮೋಡಗಳು ಗುರುತ್ವಾಕರ್ಷಣೆಯಿಂದ ಒಟ್ಟುಗೂಡಿ ಸೂರ್ಯ ಹಾಗೂ ಗ್ರಹಗಳು ರೂಪುಗೊಂಡವು.

ಭೂಮಿ ಎಂಬ ಬೆರಗು

ಆರಂಭದಲ್ಲಿ ಭೂಮಿ ಬಿಸಿಯಾದ ದ್ರವರೂಪದಲ್ಲಿತ್ತು. ಕಾಲಕ್ರಮೇಣ ತಣ್ಣಗಾಗುತ್ತಾ ಹೊರಪದರ ಗಟ್ಟಿಯಾಯಿತು. ವಾತಾವರಣ, ನೀರು ಮತ್ತು ಜೀವಿಗಳ ಉದಯಕ್ಕೆ ಕೋಟ್ಯಂತರ ವರ್ಷಗಳು ಬೇಕಾದವು.

ದೌರ್ಜನ್ಯ ; ಪೊಲೀಸರ ನಿರ್ಲಕ್ಷ್ಯ

ಶಿವಮೊಗ್ಗ : ಗ್ರಾಮೀಣ ಮಹಿಳೆಯೊಬ್ಬರ ಮೇಲೆ ನಡೆದ ದೌರ್ಜನ್ಯ ಪ್ರಕರಣದಲ್ಲಿ ಪೊಲೀಸರು ನಿರ್ಲಕ್ಷ್ಯ ವಹಿಸಿದ್ದಾರೆ ಎಂದು ಆರೋಪಿಸಲಾಗಿದೆ. ನ.24 ರಂದು ಘಟನೆ ನಡೆದಿದ್ದು, ದೂರು ನೀಡಿದರೂ ಪೊಲೀಸರು ಸೂಕ್ತ ಕ್ರಮ ಕೈಗೊಂಡಿಲ್ಲ. ಸಂತ್ರಸ್ತೆಯ ಕುಟುಂಬಸ್ಥರು ನ್ಯಾಯಕ್ಕಾಗಿ ಒತ್ತಾಯಿಸಿದ್ದಾರೆ. ಮಹಿಳಾ ಸಂಘಟನೆಗಳು ಈ ಬಗ್ಗೆ ಪ್ರತಿಭಟನೆ ನಡೆಸಲು ನಿರ್ಧರಿಸಿವೆ. ಜಿಲ್ಲಾ ಪೊಲೀಸ್ ವರಿಷ್ಠಾಧಿಕಾರಿಗಳು ತಕ್ಷಣ ಮಧ್ಯಪ್ರವೇಶಿಸಿ ಆರೋಪಿಗಳನ್ನು ಬಂಧಿಸಬೇಕು ಎಂದು ಒತ್ತಾಯಿಸಲಾಗಿದೆ.

ಶಿವಮೊಗ್ಗ : ಗ್ರಾಮೀಣ ಮಹಿಳೆಯೊಬ್ಬರ ಮೇಲೆ ನಡೆದ ದೌರ್ಜನ್ಯ ಪ್ರಕರಣದಲ್ಲಿ ಪೊಲೀಸರು ನಿರ್ಲಕ್ಷ್ಯ ವಹಿಸಿದ್ದಾರೆ ಎಂದು ಆರೋಪಿಸಲಾಗಿದೆ. ನ.24 ರಂದು ಘಟನೆ ನಡೆದಿದ್ದು, ದೂರು ನೀಡಿದರೂ ಪೊಲೀಸರು ಸೂಕ್ತ ಕ್ರಮ ಕೈಗೊಂಡಿಲ್ಲ. ಸಂತ್ರಸ್ತೆಯ ಕುಟುಂಬಸ್ಥರು ನ್ಯಾಯಕ್ಕಾಗಿ ಒತ್ತಾಯಿಸಿದ್ದಾರೆ. ಮಹಿಳಾ ಸಂಘಟನೆಗಳು ಈ ಬಗ್ಗೆ ಪ್ರತಿಭಟನೆ ನಡೆಸಲು ನಿರ್ಧರಿಸಿವೆ. ಜಿಲ್ಲಾ ಪೊಲೀಸ್ ವರಿಷ್ಠಾಧಿಕಾರಿಗಳು ತಕ್ಷಣ ಮಧ್ಯಪ್ರವೇಶಿಸಿ ಆರೋಪಿಗಳನ್ನು ಬಂಧಿಸಬೇಕು ಎಂದು ಒತ್ತಾಯಿಸಲಾಗಿದೆ.

ರಾಮೇನಕೊಪ್ಪದಲ್ಲಿ ವಾಲ್ಮೀಕಿ ಜಯಂತಿ ಆಚರಣೆ

ಶಿವಮೊಗ್ಗ: ಮಹರ್ಷಿ ವಾಲ್ಮೀಕಿಯವರಿಗೆ ವ್ಯಕ್ತಿಯಾಗಿದ್ದ ಅನುಭವ ಹಾಗೂ ಸಾಧನೆಯ ಬದುಕು ಇಂದಿನ ಜನಾಂಗಕ್ಕೆ ಮಾದರಿ ಎಂದು ಜಿಲ್ಲಾ ವಾಲ್ಮೀಕಿ ಸಂಘದ ಅಧ್ಯಕ್ಷರು ಹೇಳಿದರು. ರಾಮೇನಕೊಪ್ಪದಲ್ಲಿ ಏರ್ಪಡಿಸಿದ್ದ ಕಾರ್ಯಕ್ರಮದಲ್ಲಿ ಅವರು ಮಾತನಾಡಿದರು.

ಜನಾಂಗದ ವತಿಯಿಂದ ಸಾಂಸ್ಕೃತಿಕ ಕಾರ್ಯಕ್ರಮಗಳು ನಡೆದವು. ಕಾರ್ಯಕ್ರಮದ ಅಧ್ಯಕ್ಷತೆಯನ್ನು ಗ್ರಾಮ ಪಂಚಾಯಿತಿ ಅಧ್ಯಕ್ಷರು ವಹಿಸಿದ್ದರು. ಗ್ರಾಮದ ಹಿರಿಯರು, ಯುವಕರು ಹಾಗೂ ಮಹಿಳೆಯರು ಭಾಗವಹಿಸಿದ್ದರು. ಮಾದರಿ ವ್ಯಕ್ತಿತ್ವದ ಬಗ್ಗೆ ಉಪನ್ಯಾಸ ನೀಡಲಾಯಿತು.

ಶಿವಮೊಗ್ಗ: ಮಹರ್ಷಿ ವಾಲ್ಮೀಕಿಯವರಿಗೆ ವ್ಯಕ್ತಿಯಾಗಿದ್ದ ಅನುಭವ ಹಾಗೂ ಸಾಧನೆಯ ಬದುಕು ಇಂದಿನ ಜನಾಂಗಕ್ಕೆ ಮಾದರಿ ಎಂದು ಜಿಲ್ಲಾ ವಾಲ್ಮೀಕಿ ಸಂಘದ ಅಧ್ಯಕ್ಷರು ಹೇಳಿದರು. ರಾಮೇನಕೊಪ್ಪದಲ್ಲಿ ಏರ್ಪಡಿಸಿದ್ದ ಕಾರ್ಯಕ್ರಮದಲ್ಲಿ ಅವರು ಮಾತನಾಡಿದರು.

ಜನಾಂಗದ ವತಿಯಿಂದ ಸಾಂಸ್ಕೃತಿಕ ಕಾರ್ಯಕ್ರಮಗಳು ನಡೆದವು. ಕಾರ್ಯಕ್ರಮದ ಅಧ್ಯಕ್ಷತೆಯನ್ನು ಗ್ರಾಮ ಪಂಚಾಯಿತಿ ಅಧ್ಯಕ್ಷರು ವಹಿಸಿದ್ದರು. ಗ್ರಾಮದ ಹಿರಿಯರು, ಯುವಕರು ಹಾಗೂ ಮಹಿಳೆಯರು ಭಾಗವಹಿಸಿದ್ದರು. ಮಾದರಿ ವ್ಯಕ್ತಿತ್ವದ ಬಗ್ಗೆ ಉಪನ್ಯಾಸ ನೀಡಲಾಯಿತು.

ವಿವಾಹಿತ ಆತ್ಮಹತ್ಯೆ

ಶಿವಮೊಗ್ಗ : ಕೌಟುಂಬಿಕ ಕಲಹದಿಂದ ಬೇಸತ್ತ ವಿವಾಹಿತ ವ್ಯಕ್ತಿಯೊಬ್ಬರು ಆತ್ಮಹತ್ಯೆ ಮಾಡಿಕೊಂಡಿರುವ ಘಟನೆ ನಡೆದಿದೆ. ಮೃತರು ತಮ್ಮ ಮನೆಯಲ್ಲಿ ನೇಣು ಬಿಗಿದುಕೊಂಡಿದ್ದಾರೆ. ಪೊಲೀಸರು ಸ್ಥಳಕ್ಕೆ ಭೇಟಿ ನೀಡಿ ಪರಿಶೀಲನೆ ನಡೆಸಿದ್ದು ಪ್ರಕರಣ ದಾಖಲಿಸಿಕೊಂಡಿದ್ದಾರೆ. ಹೆಚ್ಚಿನ ತನಿಖೆ ಮುಂದುವರಿದಿದೆ.

ಶಿವಮೊಗ್ಗ : ಕೌಟುಂಬಿಕ ಕಲಹದಿಂದ ಬೇಸತ್ತ ವಿವಾಹಿತ ವ್ಯಕ್ತಿಯೊಬ್ಬರು ಆತ್ಮಹತ್ಯೆ ಮಾಡಿಕೊಂಡಿರುವ ಘಟನೆ ನಡೆದಿದೆ. ಮೃತರು ತಮ್ಮ ಮನೆಯಲ್ಲಿ ನೇಣು ಬಿಗಿದುಕೊಂಡಿದ್ದಾರೆ. ಪೊಲೀಸರು ಸ್ಥಳಕ್ಕೆ ಭೇಟಿ ನೀಡಿ ಪರಿಶೀಲನೆ ನಡೆಸಿದ್ದು ಪ್ರಕರಣ ದಾಖಲಿಸಿಕೊಂಡಿದ್ದಾರೆ. ಹೆಚ್ಚಿನ ತನಿಖೆ ಮುಂದುವರಿದಿದೆ.

ಮಹಿಳೆ ನಾಪತ್ತೆ

ಶಿವಮೊಗ್ಗ : ಮಹಿಳೆಯೊಬ್ಬರು ನಿಗೂಢವಾಗಿ ನಾಪತ್ತೆಯಾಗಿರುವ ಘಟನೆ ವರದಿಯಾಗಿದೆ. ನಾಪತ್ತೆಯಾದ ಮಹಿಳೆಯ ವಯಸ್ಸು (55) ಎಂದು ತಿಳಿದುಬಂದಿದೆ. ಇವರ ಸುಳಿವು ಸಿಕ್ಕಲ್ಲಿ ಸಮೀಪದ ಪೊಲೀಸ್ ಠಾಣೆಗೆ ತಿಳಿಸುವಂತೆ ಕೋರಲಾಗಿದೆ.

CMYK
